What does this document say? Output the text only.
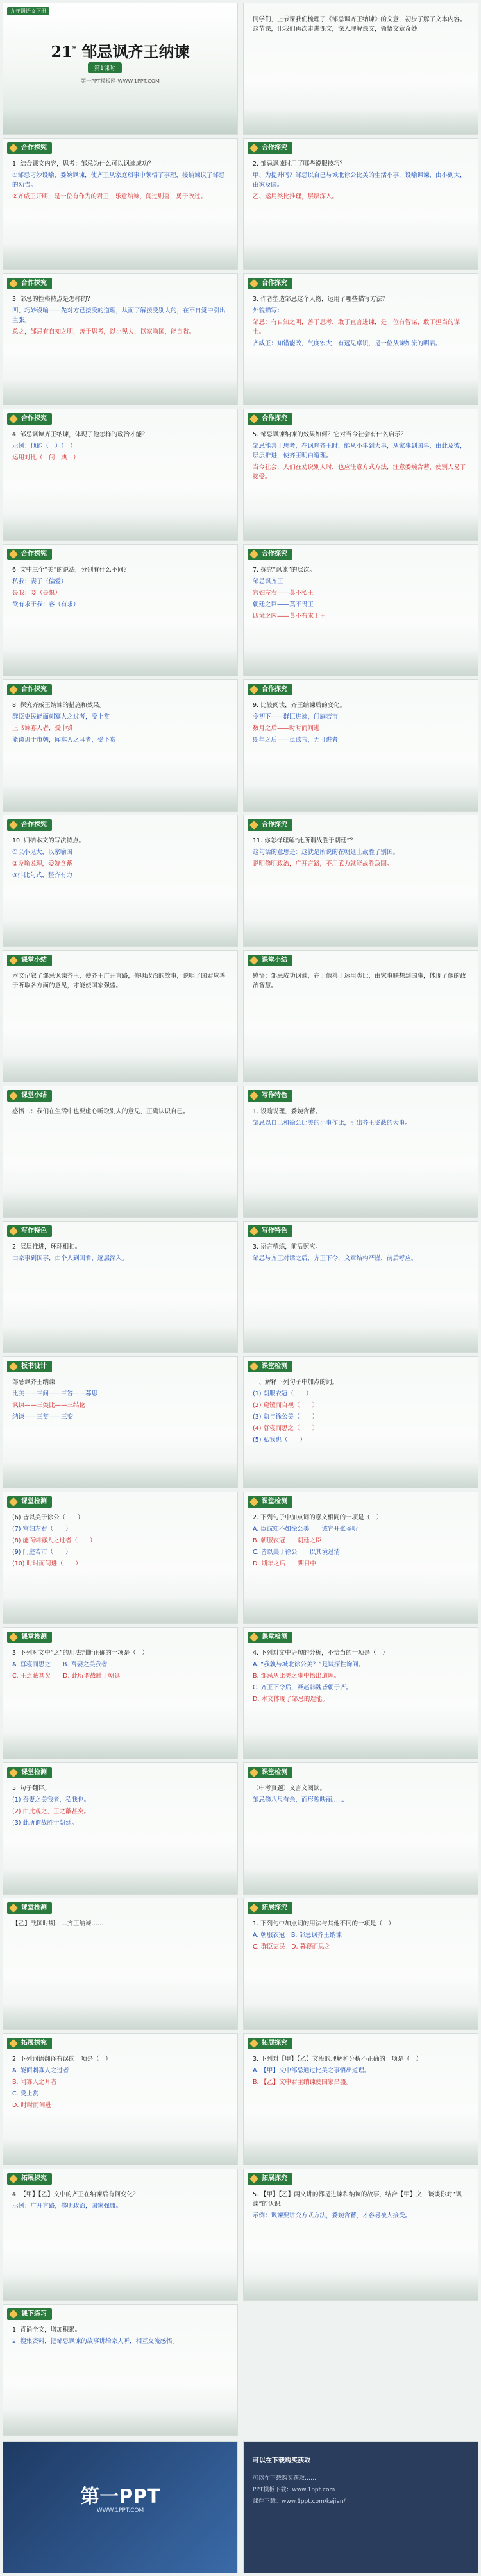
九年级语文下册
21* 邹忌讽齐王纳谏
第1课时
第一PPT模板网-WWW.1PPT.COM
同学们，上节课我们梳理了《邹忌讽齐王纳谏》的文意，初步了解了文本内容。这节课，让我们再次走进课文，深入理解课文，领悟文章奇妙。
合作探究
1. 结合课文内容，思考：邹忌为什么可以讽谏成功？
①邹忌巧妙设喻，委婉讽谏，使齐王从家庭琐事中领悟了事理，接纳谏议了邹忌的劝告。
②齐威王开明，是一位有作为的君王，乐意纳谏，闻过则喜，勇于改过。
合作探究
2. 邹忌讽谏时用了哪些说服技巧？
甲、为提升吗？邹忌以自己与城北徐公比美的生活小事，设喻讽谏，由小到大，由家及国。
乙、运用类比推理，层层深入。
合作探究
3. 邹忌的性格特点是怎样的？
四、巧妙设喻——先对方已接受的道理，从而了解接受别人的，在不自觉中引出主张。
总之，邹忌有自知之明，善于思考，以小见大，以家喻国，能自省。
合作探究
3. 作者塑造邹忌这个人物，运用了哪些描写方法？
外貌描写：
邹忌：有自知之明，善于思考，敢于直言进谏，是一位有智谋、敢于担当的谋士。
齐威王：知错能改，气度宏大，有远见卓识，是一位从谏如流的明君。
合作探究
4. 邹忌讽谏齐王纳谏，体现了他怎样的政治才能？
示例：他能（　）（　）
运用对比（　问　典　）
合作探究
5. 邹忌讽谏纳谏的效果如何？它对当今社会有什么启示？
邹忌能善于思考，在讽喻齐王时，能从小事到大事，从家事到国事，由此及彼，层层推进，使齐王明白道理。
当今社会，人们在劝说别人时，也应注意方式方法，注意委婉含蓄，使别人易于接受。
合作探究
6. 文中三个“美”的说法，分别有什么不同？
私我：妻子（偏爱）
畏我：妾（畏惧）
欲有求于我：客（有求）
合作探究
7. 探究“讽谏”的层次。
邹忌讽齐王
宫妇左右——莫不私王
朝廷之臣——莫不畏王
四境之内——莫不有求于王
合作探究
8. 探究齐威王纳谏的措施和效果。
群臣吏民能面刺寡人之过者，受上赏
上书谏寡人者，受中赏
能谤讥于市朝，闻寡人之耳者，受下赏
合作探究
9. 比较阅读，齐王纳谏后的变化。
令初下——群臣进谏，门庭若市
数月之后——时时而间进
期年之后——虽欲言，无可进者
合作探究
10. 归纳本文的写法特点。
①以小见大，以家喻国
②设喻说理，委婉含蓄
③排比句式，整齐有力
合作探究
11. 你怎样理解“此所谓战胜于朝廷”？
这句话的意思是：这就是所说的在朝廷上战胜了别国。
说明修明政治，广开言路，不用武力就能战胜敌国。
课堂小结
本文记叙了邹忌讽谏齐王，使齐王广开言路，修明政治的故事，说明了国君应善于听取各方面的意见，才能使国家强盛。
课堂小结
感悟：邹忌成功讽谏，在于他善于运用类比，由家事联想到国事，体现了他的政治智慧。
课堂小结
感悟二：我们在生活中也要虚心听取别人的意见，正确认识自己。
写作特色
1. 设喻说理，委婉含蓄。
邹忌以自己和徐公比美的小事作比，引出齐王受蔽的大事。
写作特色
2. 层层推进，环环相扣。
由家事到国事，由个人到国君，逐层深入。
写作特色
3. 语言精练，前后照应。
邹忌与齐王对话之后，齐王下令，文章结构严谨，前后呼应。
板书设计
邹忌讽齐王纳谏
比美——三问——三答——暮思
讽谏——三类比——三结论
纳谏——三赏——三变
课堂检测
一、解释下列句子中加点的词。
(1) 朝服衣冠（　　）
(2) 窥镜而自视（　　）
(3) 孰与徐公美（　　）
(4) 暮寝而思之（　　）
(5) 私我也（　　）
课堂检测
(6) 皆以美于徐公（　　）
(7) 宫妇左右（　　）
(8) 能面刺寡人之过者（　　）
(9) 门庭若市（　　）
(10) 时时而间进（　　）
课堂检测
2. 下列句子中加点词的意义相同的一项是（　）
A. 臣诚知不如徐公美　　诚宜开张圣听
B. 朝服衣冠　　朝廷之臣
C. 皆以美于徐公　　以其境过清
D. 期年之后　　期日中
课堂检测
3. 下列对文中“之”的用法判断正确的一项是（　）
A. 暮寝而思之　　B. 吾妻之美我者
C. 王之蔽甚矣　　D. 此所谓战胜于朝廷
课堂检测
4. 下列对文中语句的分析，不恰当的一项是（　）
A. “我孰与城北徐公美？”是试探性询问。
B. 邹忌从比美之事中悟出道理。
C. 齐王下令后，燕赵韩魏皆朝于齐。
D. 本文体现了邹忌的逞能。
课堂检测
5. 句子翻译。
(1) 吾妻之美我者，私我也。
(2) 由此观之，王之蔽甚矣。
(3) 此所谓战胜于朝廷。
课堂检测
（中考真题）文言文阅读。
邹忌修八尺有余，而形貌昳丽……
课堂检测
【乙】战国时期……齐王纳谏……
拓展探究
1. 下列句中加点词的用法与其他不同的一项是（　）
A. 朝服衣冠　B. 邹忌讽齐王纳谏
C. 群臣吏民　D. 暮寝而思之
拓展探究
2. 下列词语翻译有误的一项是（　）
A. 能面刺寡人之过者
B. 闻寡人之耳者
C. 受上赏
D. 时时而间进
拓展探究
3. 下列对【甲】【乙】文段的理解和分析不正确的一项是（　）
A. 【甲】文中邹忌通过比美之事悟出道理。
B. 【乙】文中君主纳谏使国家昌盛。
拓展探究
4. 【甲】【乙】文中的齐王在纳谏后有何变化？
示例：广开言路，修明政治，国家强盛。
拓展探究
5. 【甲】【乙】两文讲的都是进谏和纳谏的故事，结合【甲】文，谈谈你对“讽谏”的认识。
示例：讽谏要讲究方式方法，委婉含蓄，才容易被人接受。
课下练习
1. 背诵全文，增加积累。
2. 搜集资料，把邹忌讽谏的故事讲给家人听，相互交流感悟。
第一PPT
WWW.1PPT.COM
可以在下载购买获取
可以在下载购买获取……
PPT模板下载：www.1ppt.com
课件下载：www.1ppt.com/kejian/
